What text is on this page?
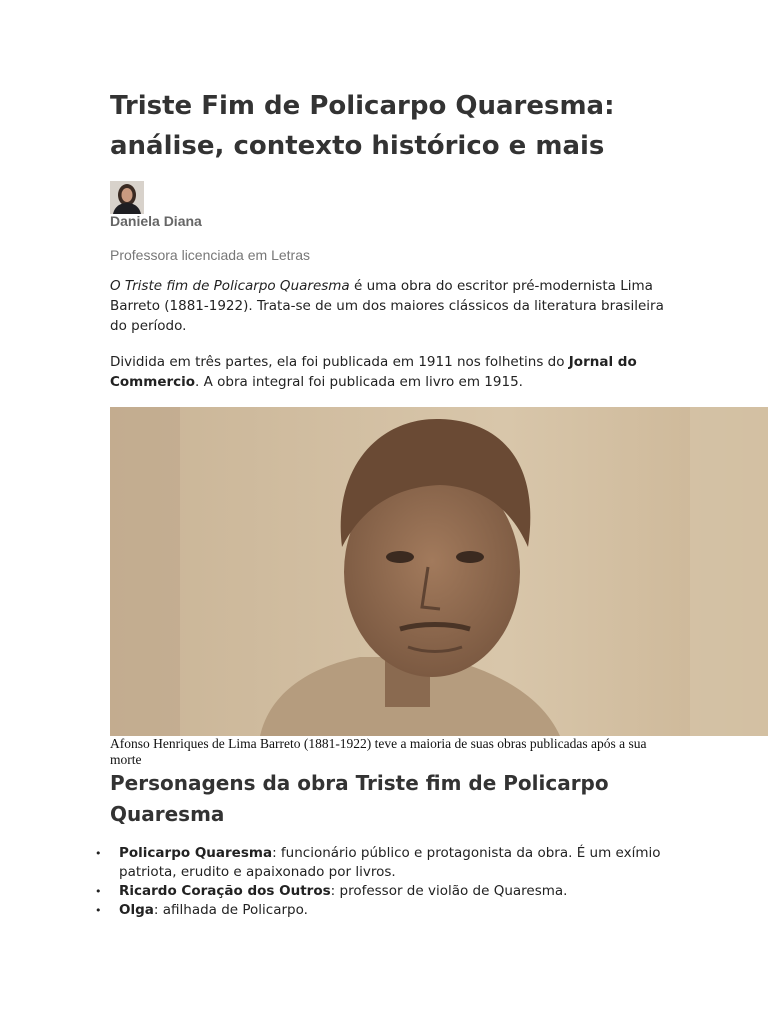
Triste Fim de Policarpo Quaresma: análise, contexto histórico e mais
Daniela Diana
Professora licenciada em Letras

O Triste fim de Policarpo Quaresma é uma obra do escritor pré-modernista Lima Barreto (1881-1922). Trata-se de um dos maiores clássicos da literatura brasileira do período.

Dividida em três partes, ela foi publicada em 1911 nos folhetins do Jornal do Commercio. A obra integral foi publicada em livro em 1915.

Afonso Henriques de Lima Barreto (1881-1922) teve a maioria de suas obras publicadas após a sua morte

Personagens da obra Triste fim de Policarpo Quaresma
• Policarpo Quaresma: funcionário público e protagonista da obra. É um exímio patriota, erudito e apaixonado por livros.
• Ricardo Coração dos Outros: professor de violão de Quaresma.
• Olga: afilhada de Policarpo.
